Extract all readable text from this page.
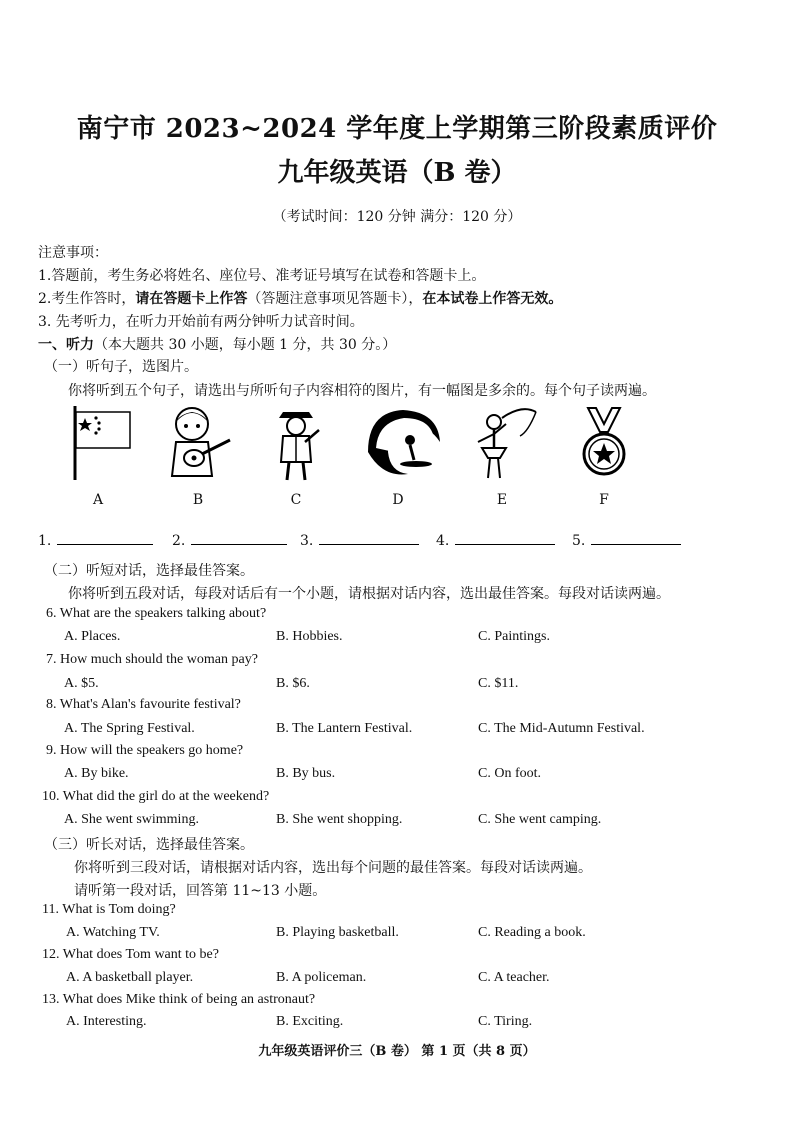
南宁市 2023~2024 学年度上学期第三阶段素质评价
九年级英语（B 卷）
（考试时间：120 分钟 满分：120 分）
注意事项：
1.答题前，考生务必将姓名、座位号、准考证号填写在试卷和答题卡上。
2.考生作答时，请在答题卡上作答（答题注意事项见答题卡），在本试卷上作答无效。
3. 先考听力，在听力开始前有两分钟听力试音时间。
一、听力（本大题共 30 小题，每小题 1 分，共 30 分。）
（一）听句子，选图片。
你将听到五个句子，请选出与所听句子内容相符的图片，有一幅图是多余的。每个句子读两遍。
A	B	C	D	E	F
1.	2.	3.	4.	5.
（二）听短对话，选择最佳答案。
你将听到五段对话，每段对话后有一个小题，请根据对话内容，选出最佳答案。每段对话读两遍。
6. What are the speakers talking about?
A. Places.	B. Hobbies.	C. Paintings.
7. How much should the woman pay?
A. $5.	B. $6.	C. $11.
8. What's Alan's favourite festival?
A. The Spring Festival.	B. The Lantern Festival.	C. The Mid-Autumn Festival.
9. How will the speakers go home?
A. By bike.	B. By bus.	C. On foot.
10. What did the girl do at the weekend?
A. She went swimming.	B. She went shopping.	C. She went camping.
（三）听长对话，选择最佳答案。
你将听到三段对话，请根据对话内容，选出每个问题的最佳答案。每段对话读两遍。
请听第一段对话，回答第 11~13 小题。
11. What is Tom doing?
A. Watching TV.	B. Playing basketball.	C. Reading a book.
12. What does Tom want to be?
A. A basketball player.	B. A policeman.	C. A teacher.
13. What does Mike think of being an astronaut?
A. Interesting.	B. Exciting.	C. Tiring.
九年级英语评价三（B 卷） 第 1 页（共 8 页）
